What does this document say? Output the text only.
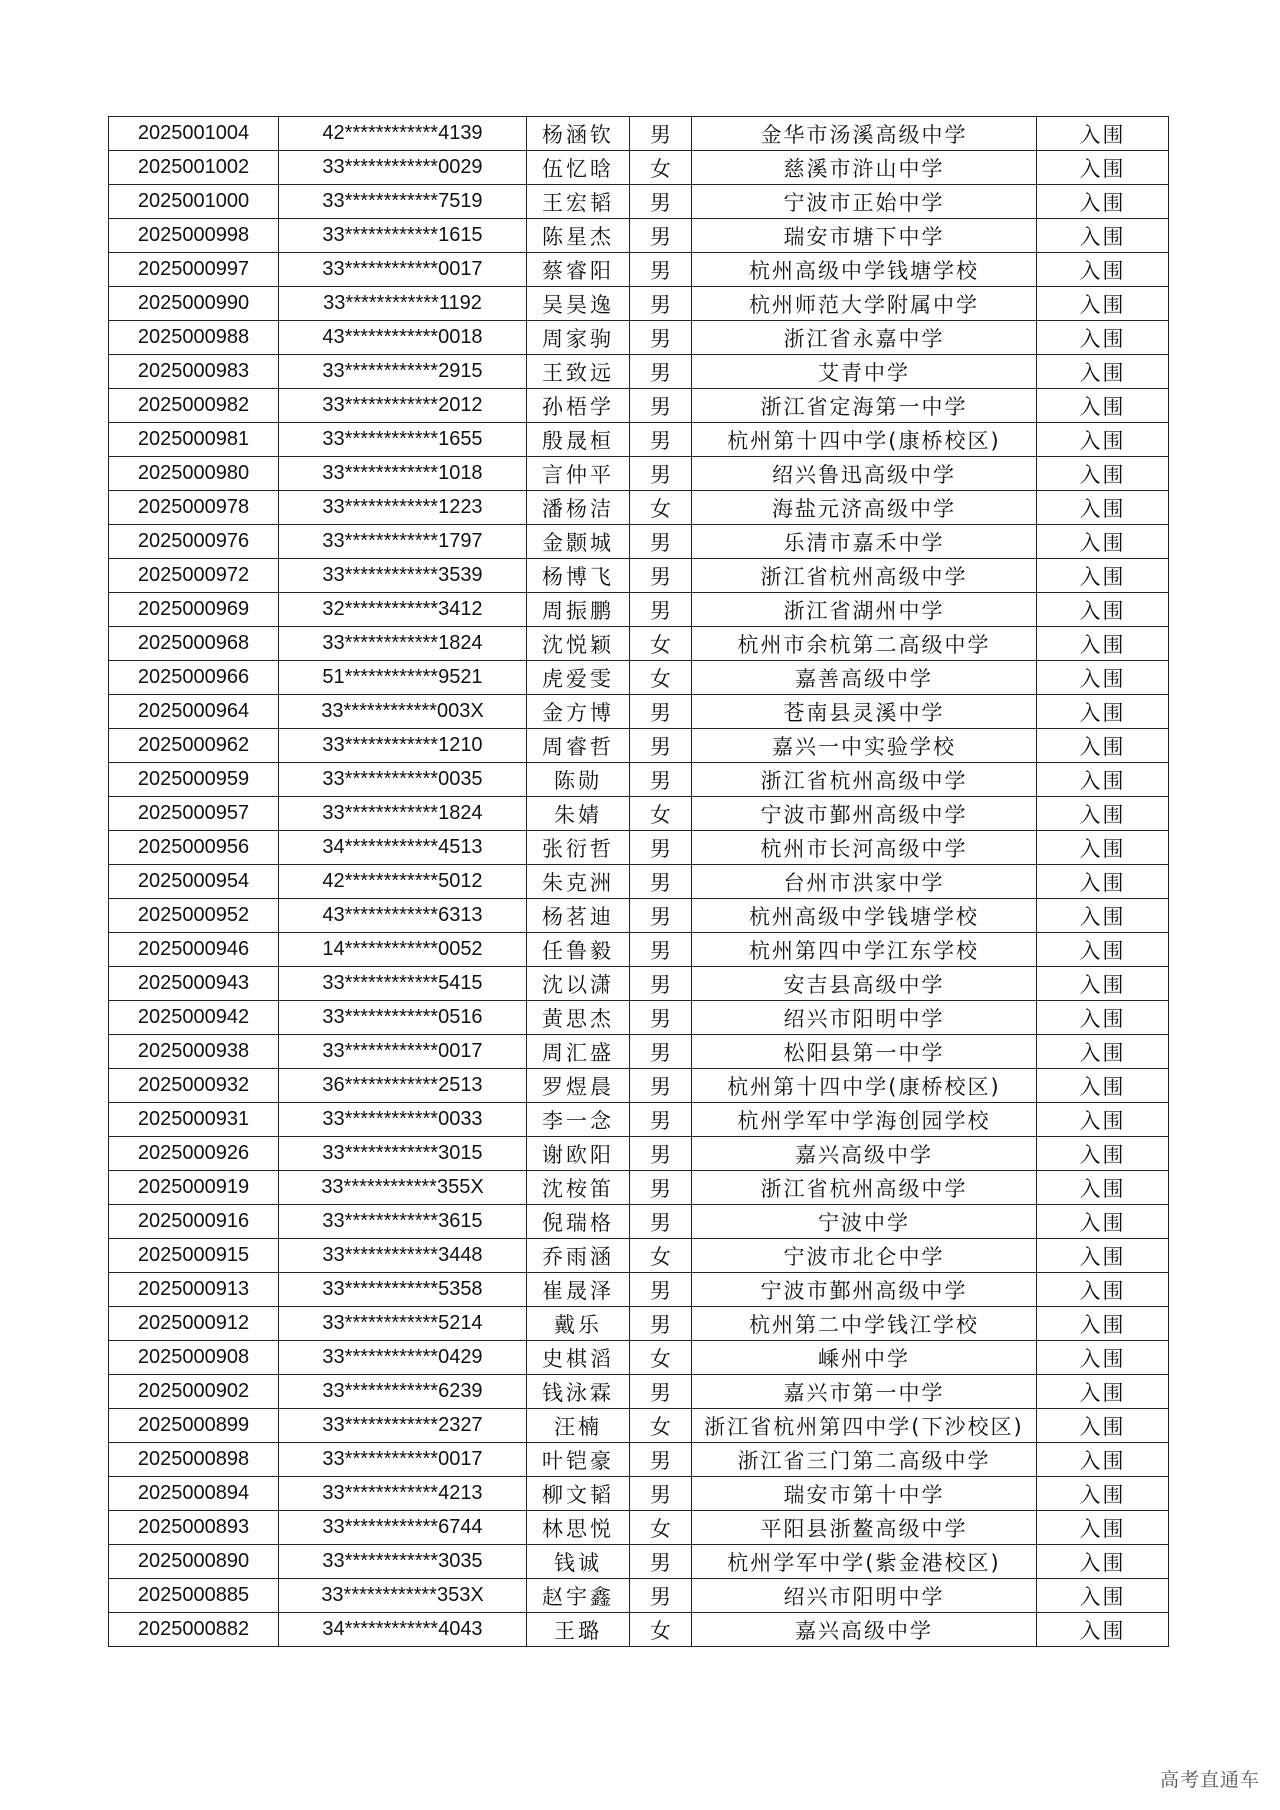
2025001004	42************4139	杨涵钦	男	金华市汤溪高级中学	入围
2025001002	33************0029	伍忆晗	女	慈溪市浒山中学	入围
2025001000	33************7519	王宏韬	男	宁波市正始中学	入围
2025000998	33************1615	陈星杰	男	瑞安市塘下中学	入围
2025000997	33************0017	蔡睿阳	男	杭州高级中学钱塘学校	入围
2025000990	33************1192	吴昊逸	男	杭州师范大学附属中学	入围
2025000988	43************0018	周家驹	男	浙江省永嘉中学	入围
2025000983	33************2915	王致远	男	艾青中学	入围
2025000982	33************2012	孙梧学	男	浙江省定海第一中学	入围
2025000981	33************1655	殷晟桓	男	杭州第十四中学(康桥校区)	入围
2025000980	33************1018	言仲平	男	绍兴鲁迅高级中学	入围
2025000978	33************1223	潘杨洁	女	海盐元济高级中学	入围
2025000976	33************1797	金颢城	男	乐清市嘉禾中学	入围
2025000972	33************3539	杨博飞	男	浙江省杭州高级中学	入围
2025000969	32************3412	周振鹏	男	浙江省湖州中学	入围
2025000968	33************1824	沈悦颖	女	杭州市余杭第二高级中学	入围
2025000966	51************9521	虎爱雯	女	嘉善高级中学	入围
2025000964	33************003X	金方博	男	苍南县灵溪中学	入围
2025000962	33************1210	周睿哲	男	嘉兴一中实验学校	入围
2025000959	33************0035	陈勋	男	浙江省杭州高级中学	入围
2025000957	33************1824	朱婧	女	宁波市鄞州高级中学	入围
2025000956	34************4513	张衍哲	男	杭州市长河高级中学	入围
2025000954	42************5012	朱克洲	男	台州市洪家中学	入围
2025000952	43************6313	杨茗迪	男	杭州高级中学钱塘学校	入围
2025000946	14************0052	任鲁毅	男	杭州第四中学江东学校	入围
2025000943	33************5415	沈以潇	男	安吉县高级中学	入围
2025000942	33************0516	黄思杰	男	绍兴市阳明中学	入围
2025000938	33************0017	周汇盛	男	松阳县第一中学	入围
2025000932	36************2513	罗煜晨	男	杭州第十四中学(康桥校区)	入围
2025000931	33************0033	李一念	男	杭州学军中学海创园学校	入围
2025000926	33************3015	谢欧阳	男	嘉兴高级中学	入围
2025000919	33************355X	沈桉笛	男	浙江省杭州高级中学	入围
2025000916	33************3615	倪瑞格	男	宁波中学	入围
2025000915	33************3448	乔雨涵	女	宁波市北仑中学	入围
2025000913	33************5358	崔晟泽	男	宁波市鄞州高级中学	入围
2025000912	33************5214	戴乐	男	杭州第二中学钱江学校	入围
2025000908	33************0429	史棋滔	女	嵊州中学	入围
2025000902	33************6239	钱泳霖	男	嘉兴市第一中学	入围
2025000899	33************2327	汪楠	女	浙江省杭州第四中学(下沙校区)	入围
2025000898	33************0017	叶铠豪	男	浙江省三门第二高级中学	入围
2025000894	33************4213	柳文韬	男	瑞安市第十中学	入围
2025000893	33************6744	林思悦	女	平阳县浙鳌高级中学	入围
2025000890	33************3035	钱诚	男	杭州学军中学(紫金港校区)	入围
2025000885	33************353X	赵宇鑫	男	绍兴市阳明中学	入围
2025000882	34************4043	王璐	女	嘉兴高级中学	入围
高考直通车
